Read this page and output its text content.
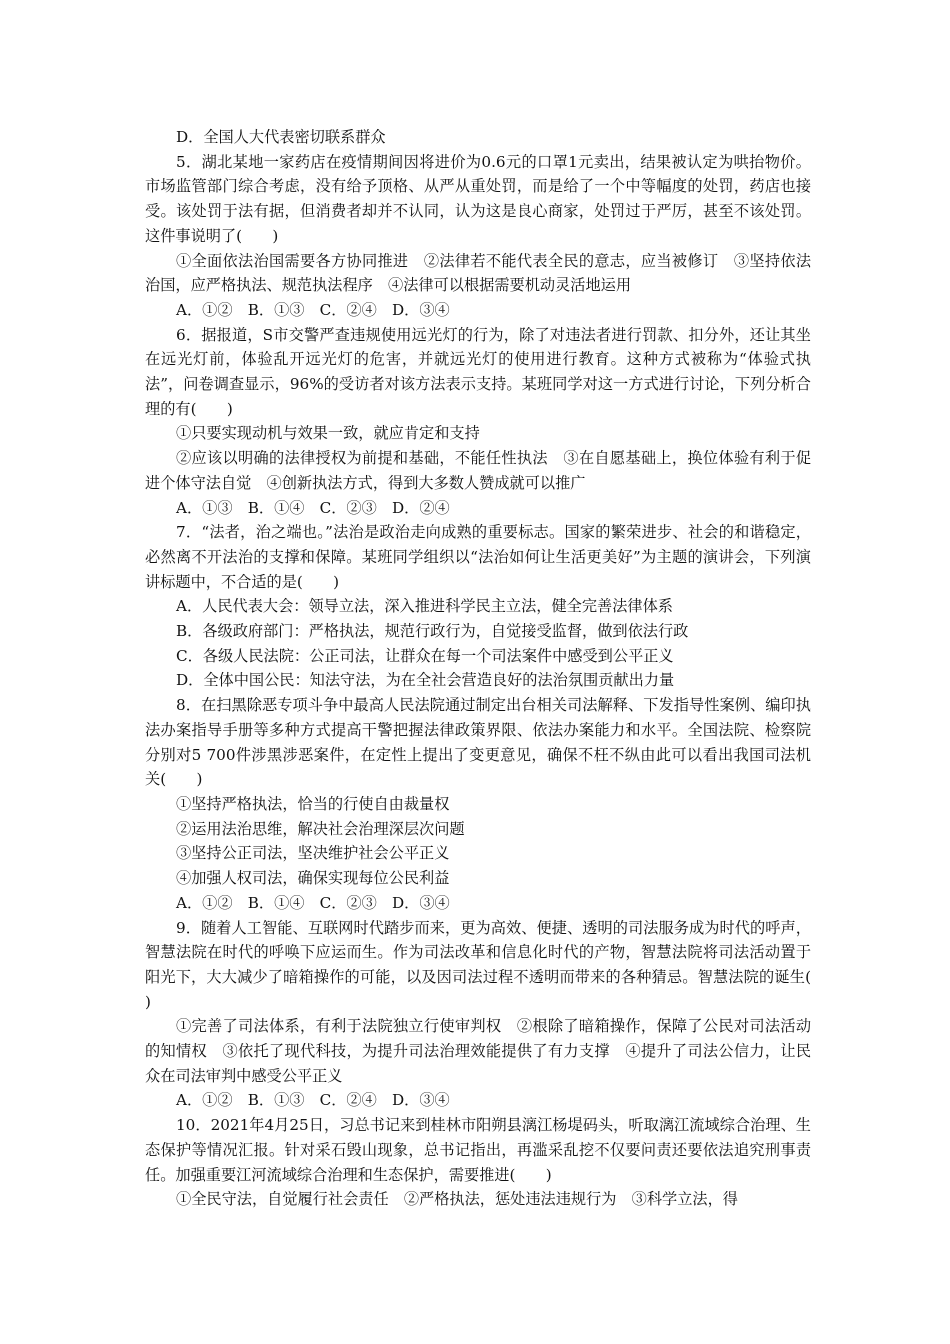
D．全国人大代表密切联系群众

5．湖北某地一家药店在疫情期间因将进价为0.6元的口罩1元卖出，结果被认定为哄抬物价。市场监管部门综合考虑，没有给予顶格、从严从重处罚，而是给了一个中等幅度的处罚，药店也接受。该处罚于法有据，但消费者却并不认同，认为这是良心商家，处罚过于严厉，甚至不该处罚。这件事说明了(　　)

①全面依法治国需要各方协同推进　②法律若不能代表全民的意志，应当被修订　③坚持依法治国，应严格执法、规范执法程序　④法律可以根据需要机动灵活地运用

A．①②　B．①③　C．②④　D．③④

6．据报道，S市交警严查违规使用远光灯的行为，除了对违法者进行罚款、扣分外，还让其坐在远光灯前，体验乱开远光灯的危害，并就远光灯的使用进行教育。这种方式被称为“体验式执法”，问卷调查显示，96%的受访者对该方法表示支持。某班同学对这一方式进行讨论，下列分析合理的有(　　)

①只要实现动机与效果一致，就应肯定和支持

②应该以明确的法律授权为前提和基础，不能任性执法　③在自愿基础上，换位体验有利于促进个体守法自觉　④创新执法方式，得到大多数人赞成就可以推广

A．①③　B．①④　C．②③　D．②④

7．“法者，治之端也。”法治是政治走向成熟的重要标志。国家的繁荣进步、社会的和谐稳定，必然离不开法治的支撑和保障。某班同学组织以“法治如何让生活更美好”为主题的演讲会，下列演讲标题中，不合适的是(　　)

A．人民代表大会：领导立法，深入推进科学民主立法，健全完善法律体系

B．各级政府部门：严格执法，规范行政行为，自觉接受监督，做到依法行政

C．各级人民法院：公正司法，让群众在每一个司法案件中感受到公平正义

D．全体中国公民：知法守法，为在全社会营造良好的法治氛围贡献出力量

8．在扫黑除恶专项斗争中最高人民法院通过制定出台相关司法解释、下发指导性案例、编印执法办案指导手册等多种方式提高干警把握法律政策界限、依法办案能力和水平。全国法院、检察院分别对5 700件涉黑涉恶案件，在定性上提出了变更意见，确保不枉不纵由此可以看出我国司法机关(　　)

①坚持严格执法，恰当的行使自由裁量权

②运用法治思维，解决社会治理深层次问题

③坚持公正司法，坚决维护社会公平正义

④加强人权司法，确保实现每位公民利益

A．①②　B．①④　C．②③　D．③④

9．随着人工智能、互联网时代踏步而来，更为高效、便捷、透明的司法服务成为时代的呼声，智慧法院在时代的呼唤下应运而生。作为司法改革和信息化时代的产物，智慧法院将司法活动置于阳光下，大大减少了暗箱操作的可能，以及因司法过程不透明而带来的各种猜忌。智慧法院的诞生(　　)

①完善了司法体系，有利于法院独立行使审判权　②根除了暗箱操作，保障了公民对司法活动的知情权　③依托了现代科技，为提升司法治理效能提供了有力支撑　④提升了司法公信力，让民众在司法审判中感受公平正义

A．①②　B．①③　C．②④　D．③④

10．2021年4月25日，习总书记来到桂林市阳朔县漓江杨堤码头，听取漓江流域综合治理、生态保护等情况汇报。针对采石毁山现象，总书记指出，再滥采乱挖不仅要问责还要依法追究刑事责任。加强重要江河流域综合治理和生态保护，需要推进(　　)

①全民守法，自觉履行社会责任　②严格执法，惩处违法违规行为　③科学立法，得
